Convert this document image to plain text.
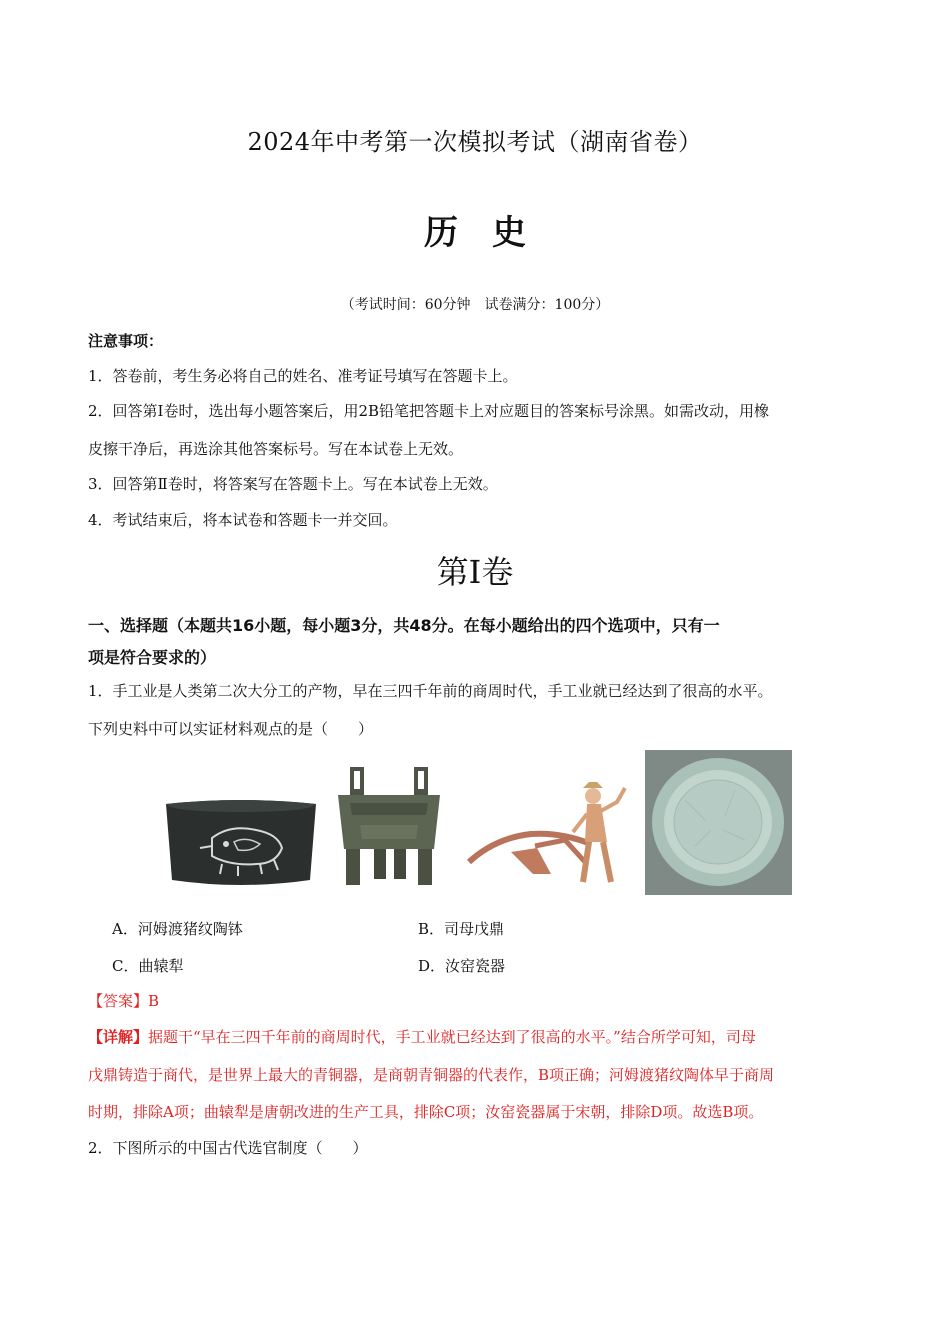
2024年中考第一次模拟考试（湖南省卷）
历史
（考试时间：60分钟　试卷满分：100分）
注意事项：
1．答卷前，考生务必将自己的姓名、准考证号填写在答题卡上。
2．回答第Ⅰ卷时，选出每小题答案后，用2B铅笔把答题卡上对应题目的答案标号涂黑。如需改动，用橡
皮擦干净后，再选涂其他答案标号。写在本试卷上无效。
3．回答第Ⅱ卷时，将答案写在答题卡上。写在本试卷上无效。
4．考试结束后，将本试卷和答题卡一并交回。
第Ⅰ卷
一、选择题（本题共16小题，每小题3分，共48分。在每小题给出的四个选项中，只有一
项是符合要求的）
1．手工业是人类第二次大分工的产物，早在三四千年前的商周时代，手工业就已经达到了很高的水平。
下列史料中可以实证材料观点的是（　　）
A．河姆渡猪纹陶钵	B．司母戊鼎
C．曲辕犁	D．汝窑瓷器
【答案】B
【详解】据题干“早在三四千年前的商周时代，手工业就已经达到了很高的水平。”结合所学可知，司母
戊鼎铸造于商代，是世界上最大的青铜器，是商朝青铜器的代表作，B项正确；河姆渡猪纹陶体早于商周
时期，排除A项；曲辕犁是唐朝改进的生产工具，排除C项；汝窑瓷器属于宋朝，排除D项。故选B项。
2．下图所示的中国古代选官制度（　　）
